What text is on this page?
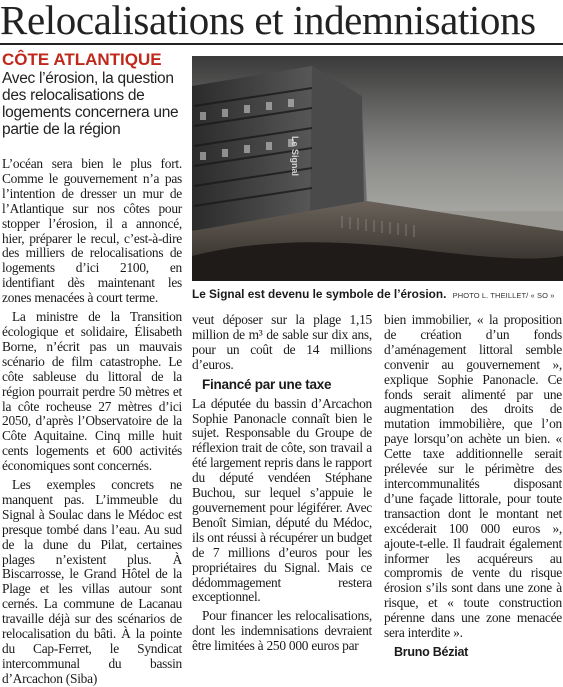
Relocalisations et indemnisations
CÔTE ATLANTIQUE
Avec l’érosion, la question des relocalisations de logements concernera une partie de la région

L’océan sera bien le plus fort. Comme le gouvernement n’a pas l’intention de dresser un mur de l’Atlantique sur nos côtes pour stopper l’érosion, il a annoncé, hier, préparer le recul, c’est-à-dire des milliers de relocalisations de logements d’ici 2100, en identifiant dès maintenant les zones menacées à court terme.

La ministre de la Transition écologique et solidaire, Élisabeth Borne, n’écrit pas un mauvais scénario de film catastrophe. Le côte sableuse du littoral de la région pourrait perdre 50 mètres et la côte rocheuse 27 mètres d’ici 2050, d’après l’Observatoire de la Côte Aquitaine. Cinq mille huit cents logements et 600 activités économiques sont concernés.

Les exemples concrets ne manquent pas. L’immeuble du Signal à Soulac dans le Médoc est presque tombé dans l’eau. Au sud de la dune du Pilat, certaines plages n’existent plus. À Biscarrosse, le Grand Hôtel de la Plage et les villas autour sont cernés. La commune de Lacanau travaille déjà sur des scénarios de relocalisation du bâti. À la pointe du Cap-Ferret, le Syndicat intercommunal du bassin d’Arcachon (Siba)

Le Signal
Le Signal est devenu le symbole de l’érosion. PHOTO L. THEILLET/ « SO »

veut déposer sur la plage 1,15 million de m³ de sable sur dix ans, pour un coût de 14 millions d’euros.

Financé par une taxe

La députée du bassin d’Arcachon Sophie Panonacle connaît bien le sujet. Responsable du Groupe de réflexion trait de côte, son travail a été largement repris dans le rapport du député vendéen Stéphane Buchou, sur lequel s’appuie le gouvernement pour légiférer. Avec Benoît Simian, député du Médoc, ils ont réussi à récupérer un budget de 7 millions d’euros pour les propriétaires du Signal. Mais ce dédommagement restera exceptionnel.

Pour financer les relocalisations, dont les indemnisations devraient être limitées à 250 000 euros par

bien immobilier, « la proposition de création d’un fonds d’aménagement littoral semble convenir au gouvernement », explique Sophie Panonacle. Ce fonds serait alimenté par une augmentation des droits de mutation immobilière, que l’on paye lorsqu’on achète un bien. « Cette taxe additionnelle serait prélevée sur le périmètre des intercommunalités disposant d’une façade littorale, pour toute transaction dont le montant net excéderait 100 000 euros », ajoute-t-elle. Il faudrait également informer les acquéreurs au compromis de vente du risque érosion s’ils sont dans une zone à risque, et « toute construction pérenne dans une zone menacée sera interdite ».

Bruno Béziat
